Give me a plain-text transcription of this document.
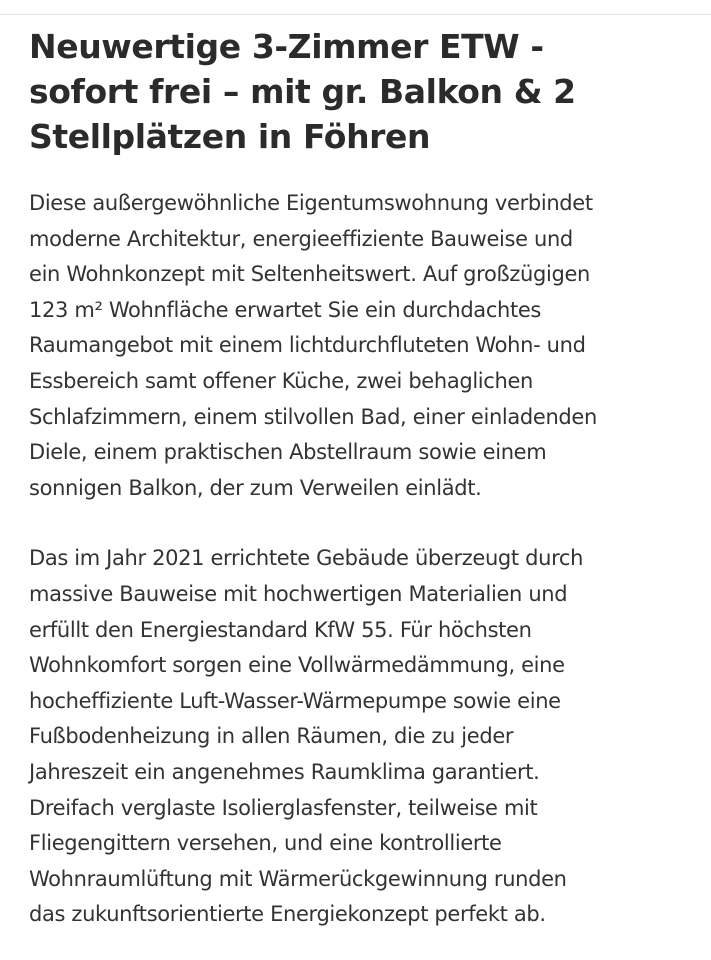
Neuwertige 3-Zimmer ETW -
sofort frei – mit gr. Balkon & 2
Stellplätzen in Föhren
Diese außergewöhnliche Eigentumswohnung verbindet
moderne Architektur, energieeffiziente Bauweise und
ein Wohnkonzept mit Seltenheitswert. Auf großzügigen
123 m² Wohnfläche erwartet Sie ein durchdachtes
Raumangebot mit einem lichtdurchfluteten Wohn- und
Essbereich samt offener Küche, zwei behaglichen
Schlafzimmern, einem stilvollen Bad, einer einladenden
Diele, einem praktischen Abstellraum sowie einem
sonnigen Balkon, der zum Verweilen einlädt.
Das im Jahr 2021 errichtete Gebäude überzeugt durch
massive Bauweise mit hochwertigen Materialien und
erfüllt den Energiestandard KfW 55. Für höchsten
Wohnkomfort sorgen eine Vollwärmedämmung, eine
hocheffiziente Luft-Wasser-Wärmepumpe sowie eine
Fußbodenheizung in allen Räumen, die zu jeder
Jahreszeit ein angenehmes Raumklima garantiert.
Dreifach verglaste Isolierglasfenster, teilweise mit
Fliegengittern versehen, und eine kontrollierte
Wohnraumlüftung mit Wärmerückgewinnung runden
das zukunftsorientierte Energiekonzept perfekt ab.
